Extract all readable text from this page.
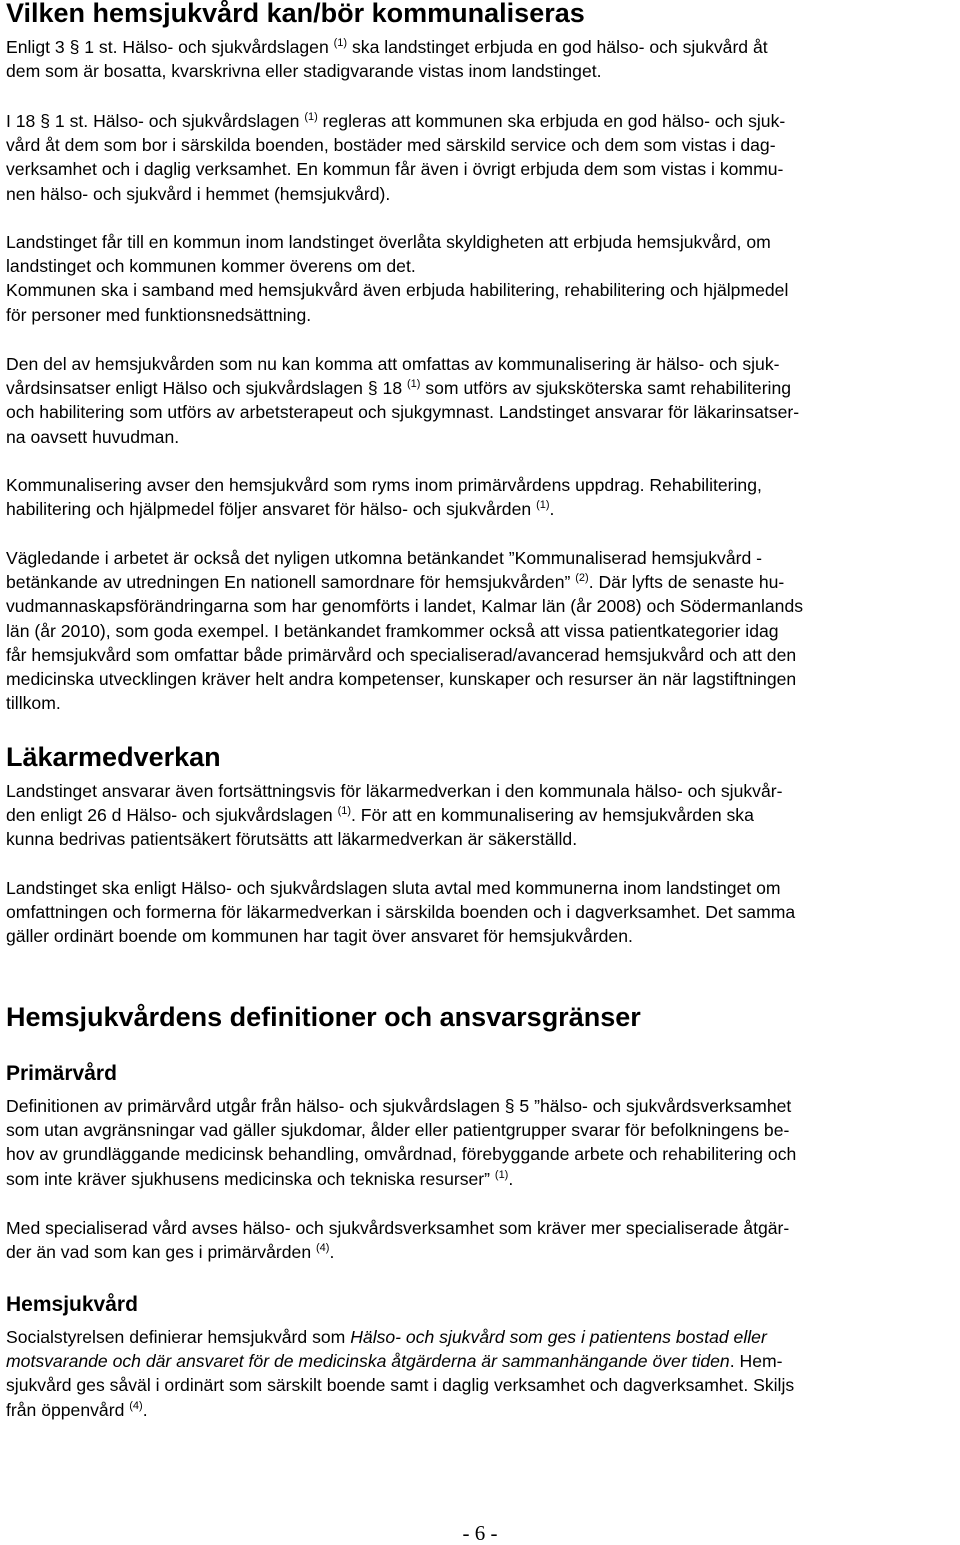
Vilken hemsjukvård kan/bör kommunaliseras
Enligt 3 § 1 st. Hälso- och sjukvårdslagen $^{(1)}$ ska landstinget erbjuda en god hälso- och sjukvård åt
dem som är bosatta, kvarskrivna eller stadigvarande vistas inom landstinget.
I 18 § 1 st. Hälso- och sjukvårdslagen $^{(1)}$ regleras att kommunen ska erbjuda en god hälso- och sjuk-
vård åt dem som bor i särskilda boenden, bostäder med särskild service och dem som vistas i dag-
verksamhet och i daglig verksamhet. En kommun får även i övrigt erbjuda dem som vistas i kommu-
nen hälso- och sjukvård i hemmet (hemsjukvård).
Landstinget får till en kommun inom landstinget överlåta skyldigheten att erbjuda hemsjukvård, om
landstinget och kommunen kommer överens om det.
Kommunen ska i samband med hemsjukvård även erbjuda habilitering, rehabilitering och hjälpmedel
för personer med funktionsnedsättning.
Den del av hemsjukvården som nu kan komma att omfattas av kommunalisering är hälso- och sjuk-
vårdsinsatser enligt Hälso och sjukvårdslagen § 18 $^{(1)}$ som utförs av sjuksköterska samt rehabilitering
och habilitering som utförs av arbetsterapeut och sjukgymnast. Landstinget ansvarar för läkarinsatser-
na oavsett huvudman.
Kommunalisering avser den hemsjukvård som ryms inom primärvårdens uppdrag. Rehabilitering,
habilitering och hjälpmedel följer ansvaret för hälso- och sjukvården $^{(1)}$.
Vägledande i arbetet är också det nyligen utkomna betänkandet ”Kommunaliserad hemsjukvård -
betänkande av utredningen En nationell samordnare för hemsjukvården” $^{(2)}$. Där lyfts de senaste hu-
vudmannaskapsförändringarna som har genomförts i landet, Kalmar län (år 2008) och Södermanlands
län (år 2010), som goda exempel. I betänkandet framkommer också att vissa patientkategorier idag
får hemsjukvård som omfattar både primärvård och specialiserad/avancerad hemsjukvård och att den
medicinska utvecklingen kräver helt andra kompetenser, kunskaper och resurser än när lagstiftningen
tillkom.
Läkarmedverkan
Landstinget ansvarar även fortsättningsvis för läkarmedverkan i den kommunala hälso- och sjukvår-
den enligt 26 d Hälso- och sjukvårdslagen $^{(1)}$. För att en kommunalisering av hemsjukvården ska
kunna bedrivas patientsäkert förutsätts att läkarmedverkan är säkerställd.
Landstinget ska enligt Hälso- och sjukvårdslagen sluta avtal med kommunerna inom landstinget om
omfattningen och formerna för läkarmedverkan i särskilda boenden och i dagverksamhet. Det samma
gäller ordinärt boende om kommunen har tagit över ansvaret för hemsjukvården.
Hemsjukvårdens definitioner och ansvarsgränser
Primärvård
Definitionen av primärvård utgår från hälso- och sjukvårdslagen § 5 ”hälso- och sjukvårdsverksamhet
som utan avgränsningar vad gäller sjukdomar, ålder eller patientgrupper svarar för befolkningens be-
hov av grundläggande medicinsk behandling, omvårdnad, förebyggande arbete och rehabilitering och
som inte kräver sjukhusens medicinska och tekniska resurser” $^{(1)}$.
Med specialiserad vård avses hälso- och sjukvårdsverksamhet som kräver mer specialiserade åtgär-
der än vad som kan ges i primärvården $^{(4)}$.
Hemsjukvård
Socialstyrelsen definierar hemsjukvård som Hälso- och sjukvård som ges i patientens bostad eller
motsvarande och där ansvaret för de medicinska åtgärderna är sammanhängande över tiden. Hem-
sjukvård ges såväl i ordinärt som särskilt boende samt i daglig verksamhet och dagverksamhet. Skiljs
från öppenvård $^{(4)}$.
- 6 -
